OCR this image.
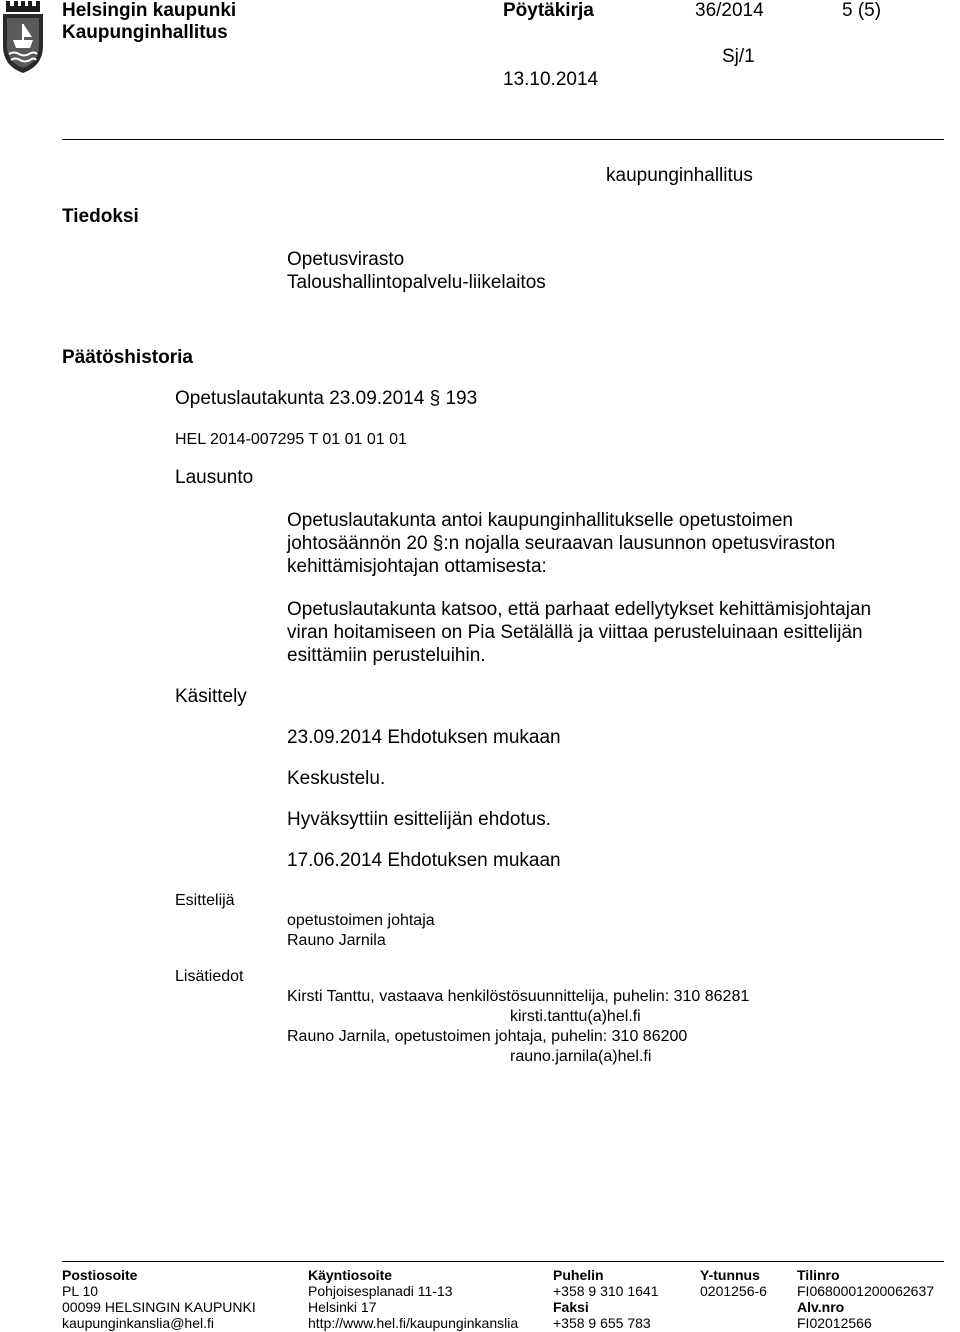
Helsingin kaupunki
Kaupunginhallitus
Pöytäkirja	36/2014	5 (5)
Sj/1
13.10.2014
kaupunginhallitus
Tiedoksi
Opetusvirasto
Taloushallintopalvelu-liikelaitos
Päätöshistoria
Opetuslautakunta 23.09.2014 § 193
HEL 2014-007295 T 01 01 01 01
Lausunto
Opetuslautakunta antoi kaupunginhallitukselle opetustoimen
johtosäännön 20 §:n nojalla seuraavan lausunnon opetusviraston
kehittämisjohtajan ottamisesta:
Opetuslautakunta katsoo, että parhaat edellytykset kehittämisjohtajan
viran hoitamiseen on Pia Setälällä ja viittaa perusteluinaan esittelijän
esittämiin perusteluihin.
Käsittely
23.09.2014 Ehdotuksen mukaan
Keskustelu.
Hyväksyttiin esittelijän ehdotus.
17.06.2014 Ehdotuksen mukaan
Esittelijä
opetustoimen johtaja
Rauno Jarnila
Lisätiedot
Kirsti Tanttu, vastaava henkilöstösuunnittelija, puhelin: 310 86281
kirsti.tanttu(a)hel.fi
Rauno Jarnila, opetustoimen johtaja, puhelin: 310 86200
rauno.jarnila(a)hel.fi
Postiosoite
PL 10
00099 HELSINGIN KAUPUNKI
kaupunginkanslia@hel.fi
Käyntiosoite
Pohjoisesplanadi 11-13
Helsinki 17
http://www.hel.fi/kaupunginkanslia
Puhelin
+358 9 310 1641
Faksi
+358 9 655 783
Y-tunnus
0201256-6
Tilinro
FI0680001200062637
Alv.nro
FI02012566
